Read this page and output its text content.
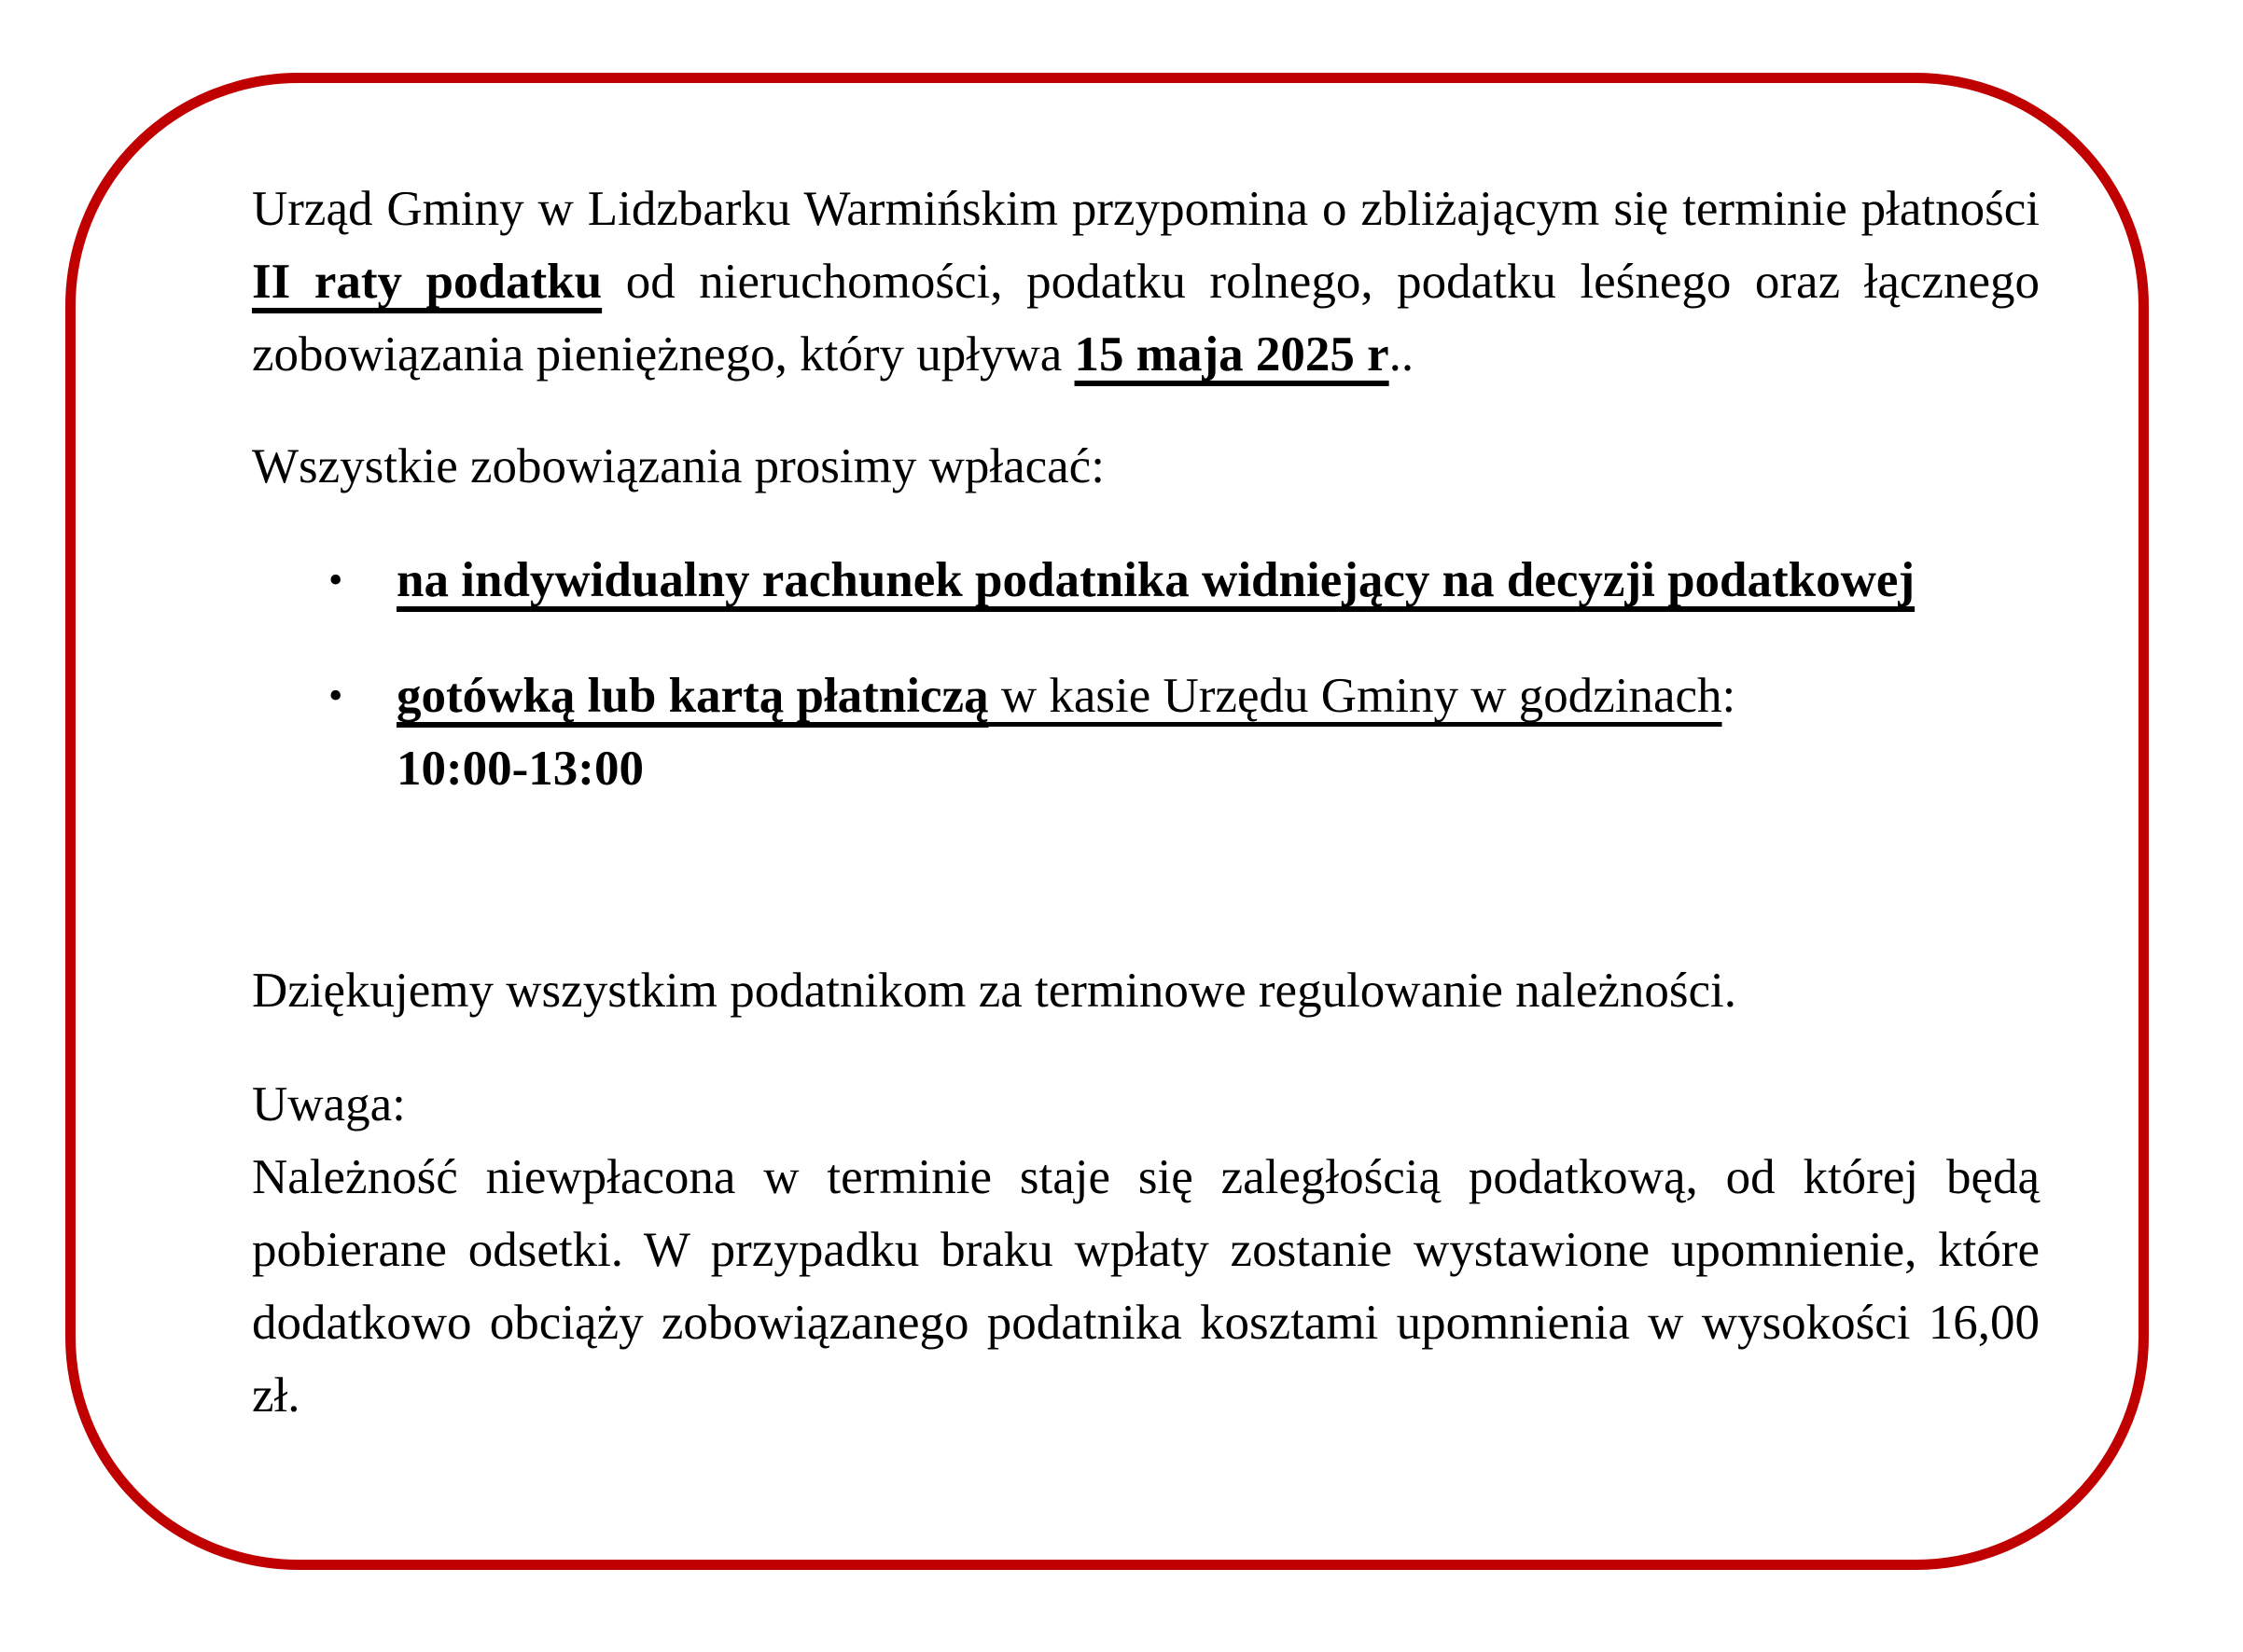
Urząd Gminy w Lidzbarku Warmińskim przypomina o zbliżającym się terminie płatności II raty podatku od nieruchomości, podatku rolnego, podatku leśnego oraz łącznego zobowiązania pieniężnego, który upływa 15 maja 2025 r..

Wszystkie zobowiązania prosimy wpłacać:

•	na indywidualny rachunek podatnika widniejący na decyzji podatkowej
•	gotówką lub kartą płatniczą w kasie Urzędu Gminy w godzinach:
10:00-13:00

Dziękujemy wszystkim podatnikom za terminowe regulowanie należności.

Uwaga:

Należność niewpłacona w terminie staje się zaległością podatkową, od której będą pobierane odsetki. W przypadku braku wpłaty zostanie wystawione upomnienie, które dodatkowo obciąży zobowiązanego podatnika kosztami upomnienia w wysokości 16,00 zł.
